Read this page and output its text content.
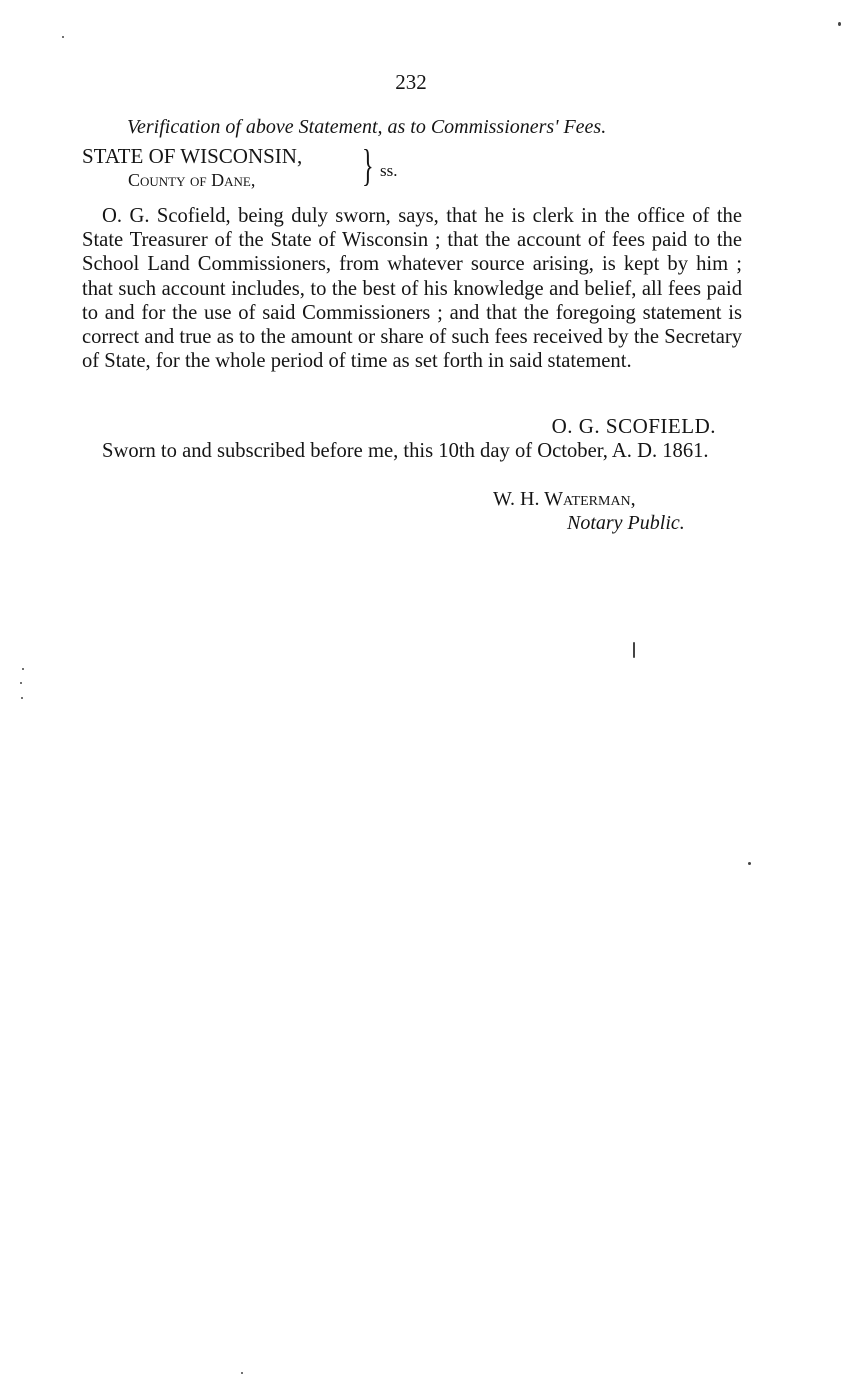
232
Verification of above Statement, as to Commissioners' Fees.
STATE OF WISCONSIN,
County of Dane, } ss.

O. G. Scofield, being duly sworn, says, that he is clerk in the office of the State Treasurer of the State of Wisconsin ; that the account of fees paid to the School Land Commissioners, from whatever source arising, is kept by him ; that such account includes, to the best of his knowledge and belief, all fees paid to and for the use of said Commissioners ; and that the foregoing statement is correct and true as to the amount or share of such fees received by the Secretary of State, for the whole period of time as set forth in said statement.

O. G. SCOFIELD.

Sworn to and subscribed before me, this 10th day of October, A. D. 1861.

W. H. Waterman,
Notary Public.
